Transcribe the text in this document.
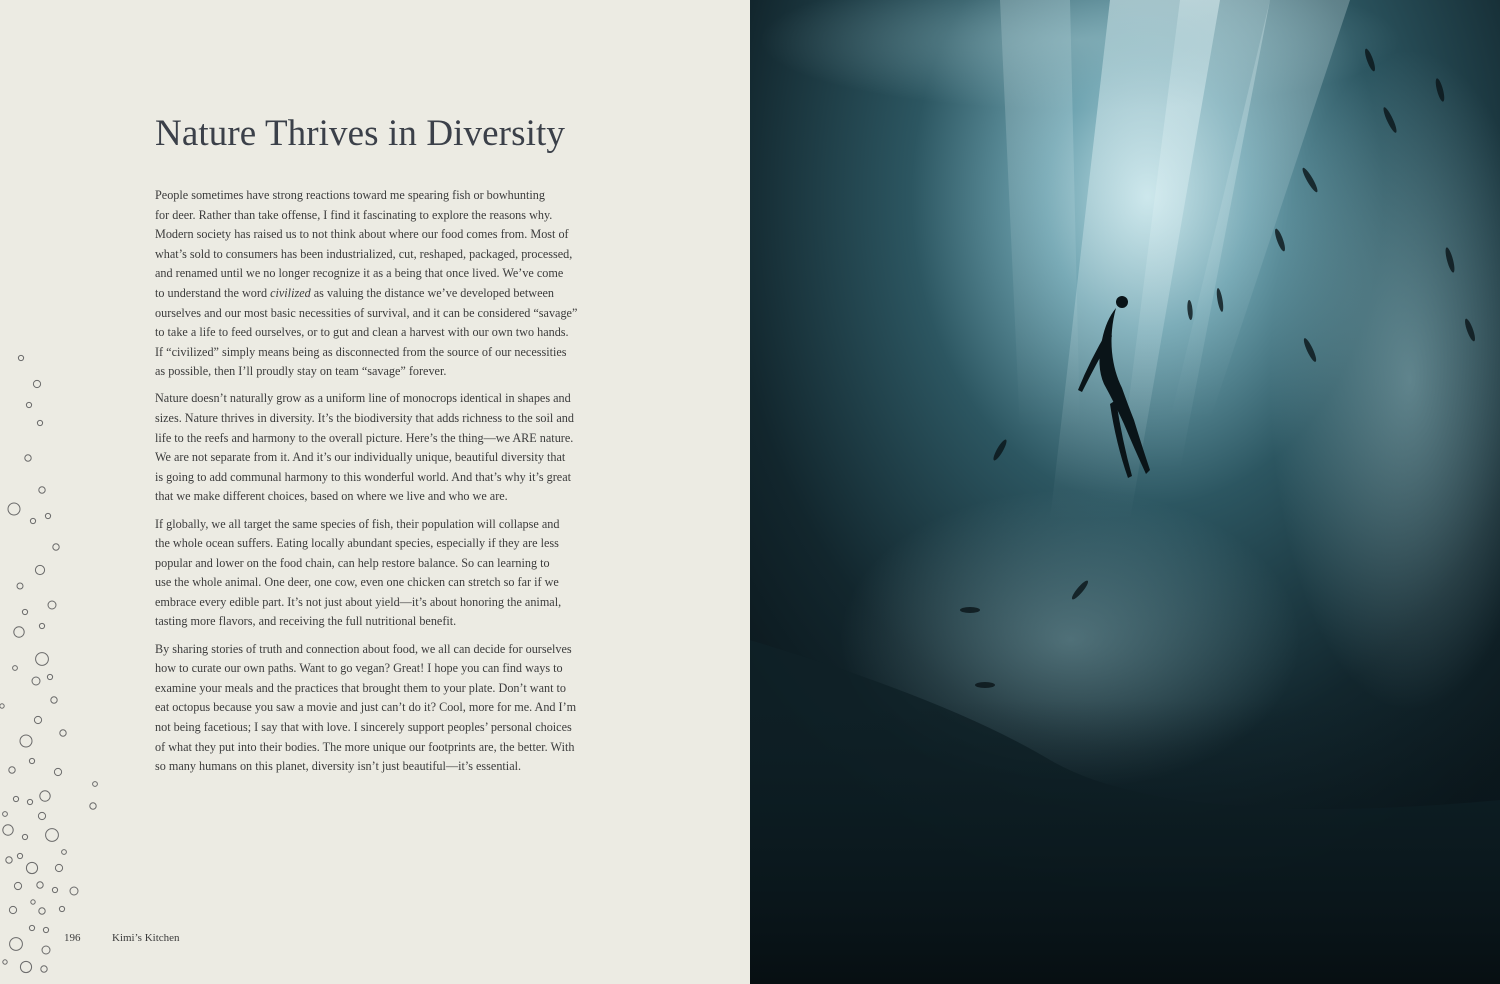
Nature Thrives in Diversity

People sometimes have strong reactions toward me spearing fish or bowhunting
for deer. Rather than take offense, I find it fascinating to explore the reasons why.
Modern society has raised us to not think about where our food comes from. Most of
what’s sold to consumers has been industrialized, cut, reshaped, packaged, processed,
and renamed until we no longer recognize it as a being that once lived. We’ve come
to understand the word civilized as valuing the distance we’ve developed between
ourselves and our most basic necessities of survival, and it can be considered “savage”
to take a life to feed ourselves, or to gut and clean a harvest with our own two hands.
If “civilized” simply means being as disconnected from the source of our necessities
as possible, then I’ll proudly stay on team “savage” forever.

Nature doesn’t naturally grow as a uniform line of monocrops identical in shapes and
sizes. Nature thrives in diversity. It’s the biodiversity that adds richness to the soil and
life to the reefs and harmony to the overall picture. Here’s the thing—we ARE nature.
We are not separate from it. And it’s our individually unique, beautiful diversity that
is going to add communal harmony to this wonderful world. And that’s why it’s great
that we make different choices, based on where we live and who we are.

If globally, we all target the same species of fish, their population will collapse and
the whole ocean suffers. Eating locally abundant species, especially if they are less
popular and lower on the food chain, can help restore balance. So can learning to
use the whole animal. One deer, one cow, even one chicken can stretch so far if we
embrace every edible part. It’s not just about yield—it’s about honoring the animal,
tasting more flavors, and receiving the full nutritional benefit.

By sharing stories of truth and connection about food, we all can decide for ourselves
how to curate our own paths. Want to go vegan? Great! I hope you can find ways to
examine your meals and the practices that brought them to your plate. Don’t want to
eat octopus because you saw a movie and just can’t do it? Cool, more for me. And I’m
not being facetious; I say that with love. I sincerely support peoples’ personal choices
of what they put into their bodies. The more unique our footprints are, the better. With
so many humans on this planet, diversity isn’t just beautiful—it’s essential.

196	Kimi’s Kitchen
